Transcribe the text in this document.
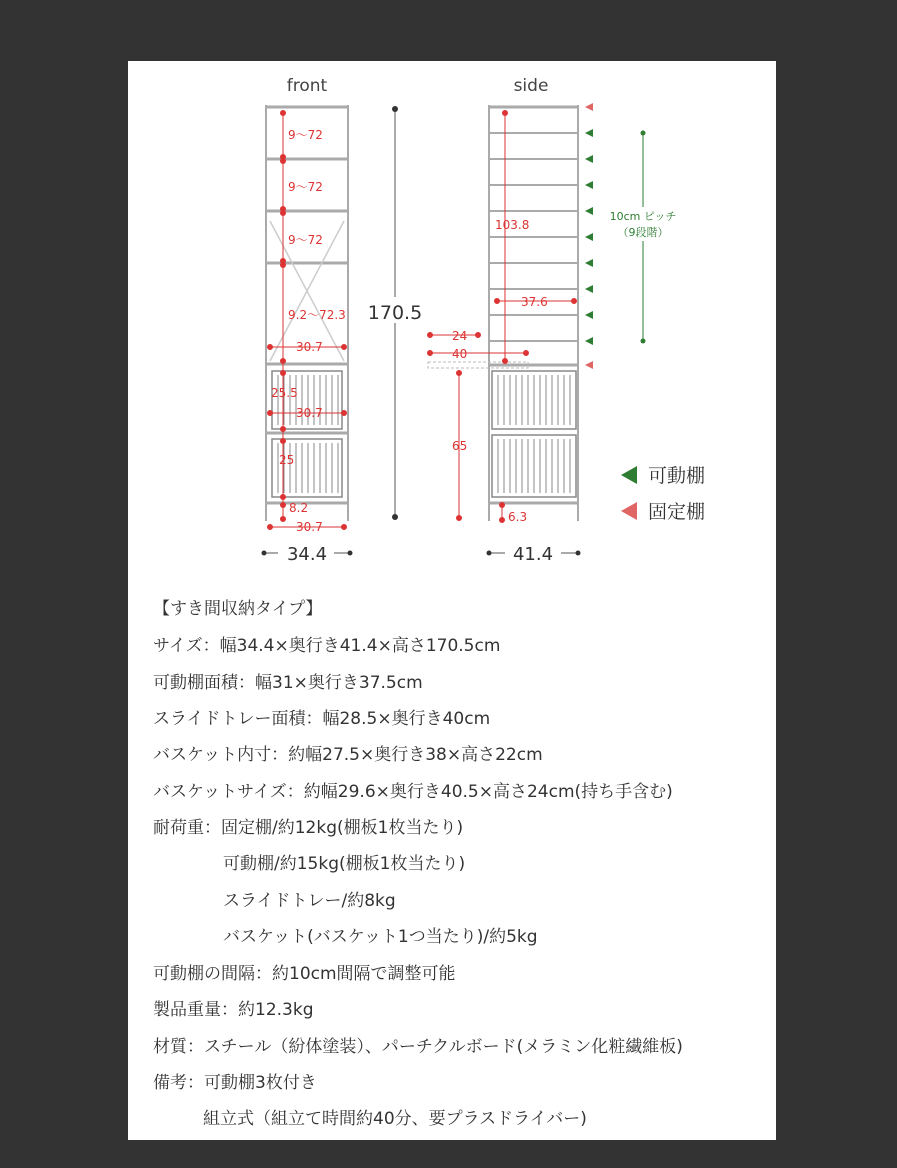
front
9～72
9～72
9～72
9.2～72.3
30.7
25.5
30.7
25
8.2
30.7
170.5
34.4
side
103.8
37.6
24
40
65
6.3
10cm ピッチ
（9段階）
41.4
可動棚
固定棚
【すき間収納タイプ】
サイズ：幅34.4×奥行き41.4×高さ170.5cm
可動棚面積：幅31×奥行き37.5cm
スライドトレー面積：幅28.5×奥行き40cm
バスケット内寸：約幅27.5×奥行き38×高さ22cm
バスケットサイズ：約幅29.6×奥行き40.5×高さ24cm(持ち手含む)
耐荷重：固定棚/約12kg(棚板1枚当たり)
可動棚/約15kg(棚板1枚当たり)
スライドトレー/約8kg
バスケット(バスケット1つ当たり)/約5kg
可動棚の間隔：約10cm間隔で調整可能
製品重量：約12.3kg
材質：スチール（紛体塗装）、パーチクルボード(メラミン化粧繊維板)
備考：可動棚3枚付き
組立式（組立て時間約40分、要プラスドライバー)
